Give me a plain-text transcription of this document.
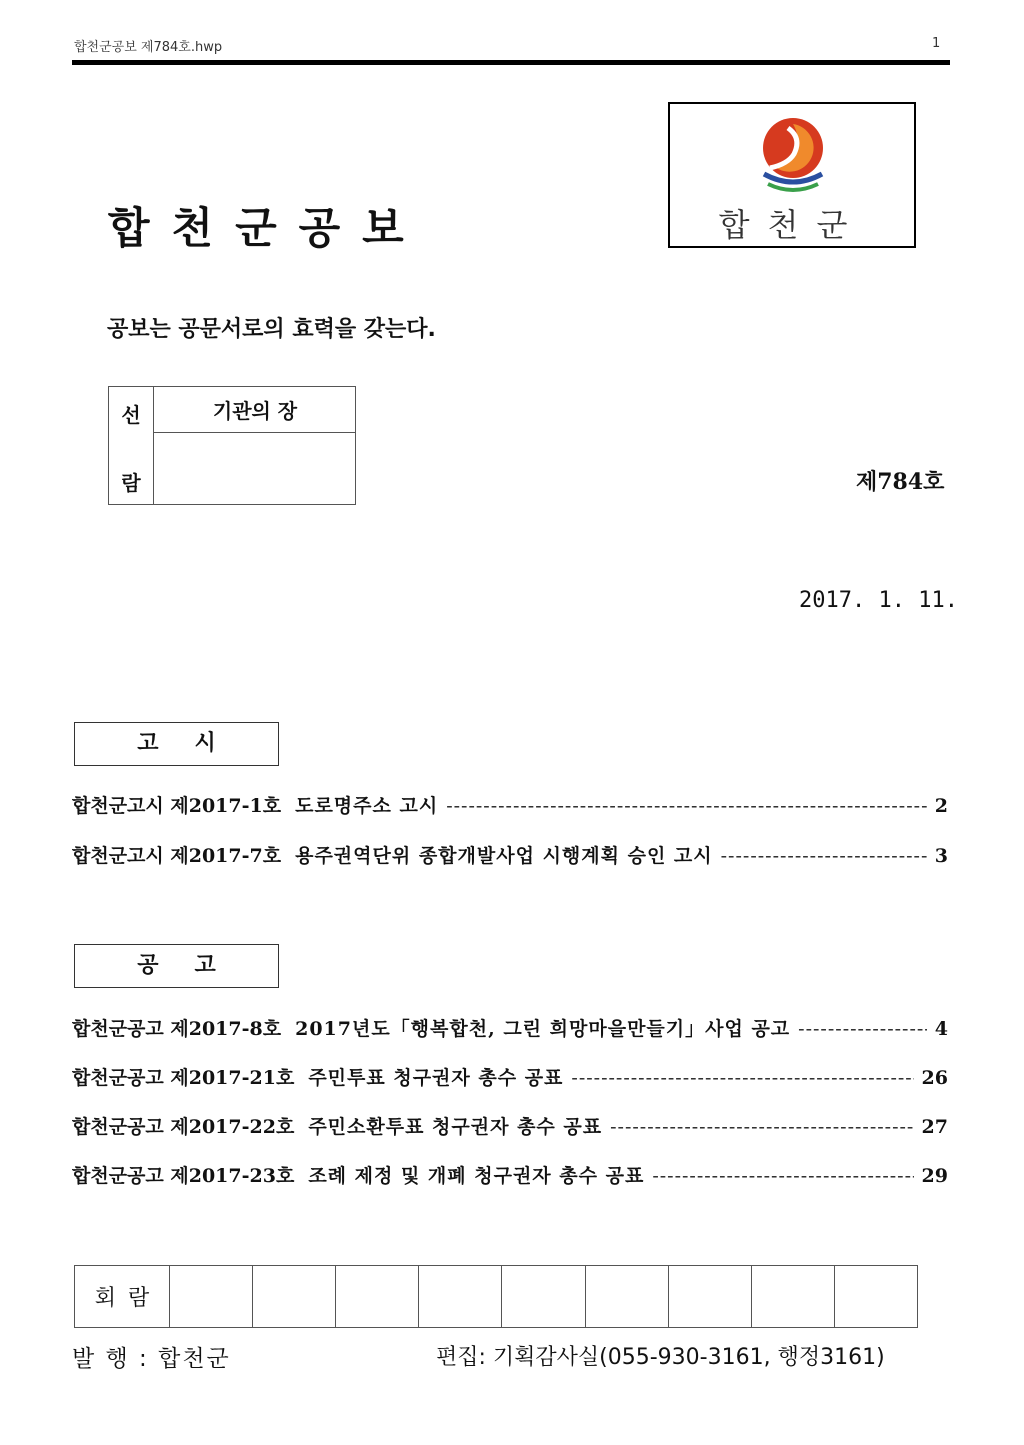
합천군공보 제784호.hwp	1
합천군공보	합천군
공보는 공문서로의 효력을 갖는다.
선
람
기관의 장
제784호
2017. 1. 11.
고시
합천군고시 제2017-1호 도로명주소 고시 -----	2
합천군고시 제2017-7호 용주권역단위 종합개발사업 시행계획 승인 고시 -----	3
공고
합천군공고 제2017-8호 2017년도「행복합천, 그린 희망마을만들기」사업 공고 -----	4
합천군공고 제2017-21호 주민투표 청구권자 총수 공표 -----	26
합천군공고 제2017-22호 주민소환투표 청구권자 총수 공표 -----	27
합천군공고 제2017-23호 조례 제정 및 개폐 청구권자 총수 공표 -----	29
회람
발 행 : 합천군	편집: 기획감사실(055-930-3161, 행정3161)
